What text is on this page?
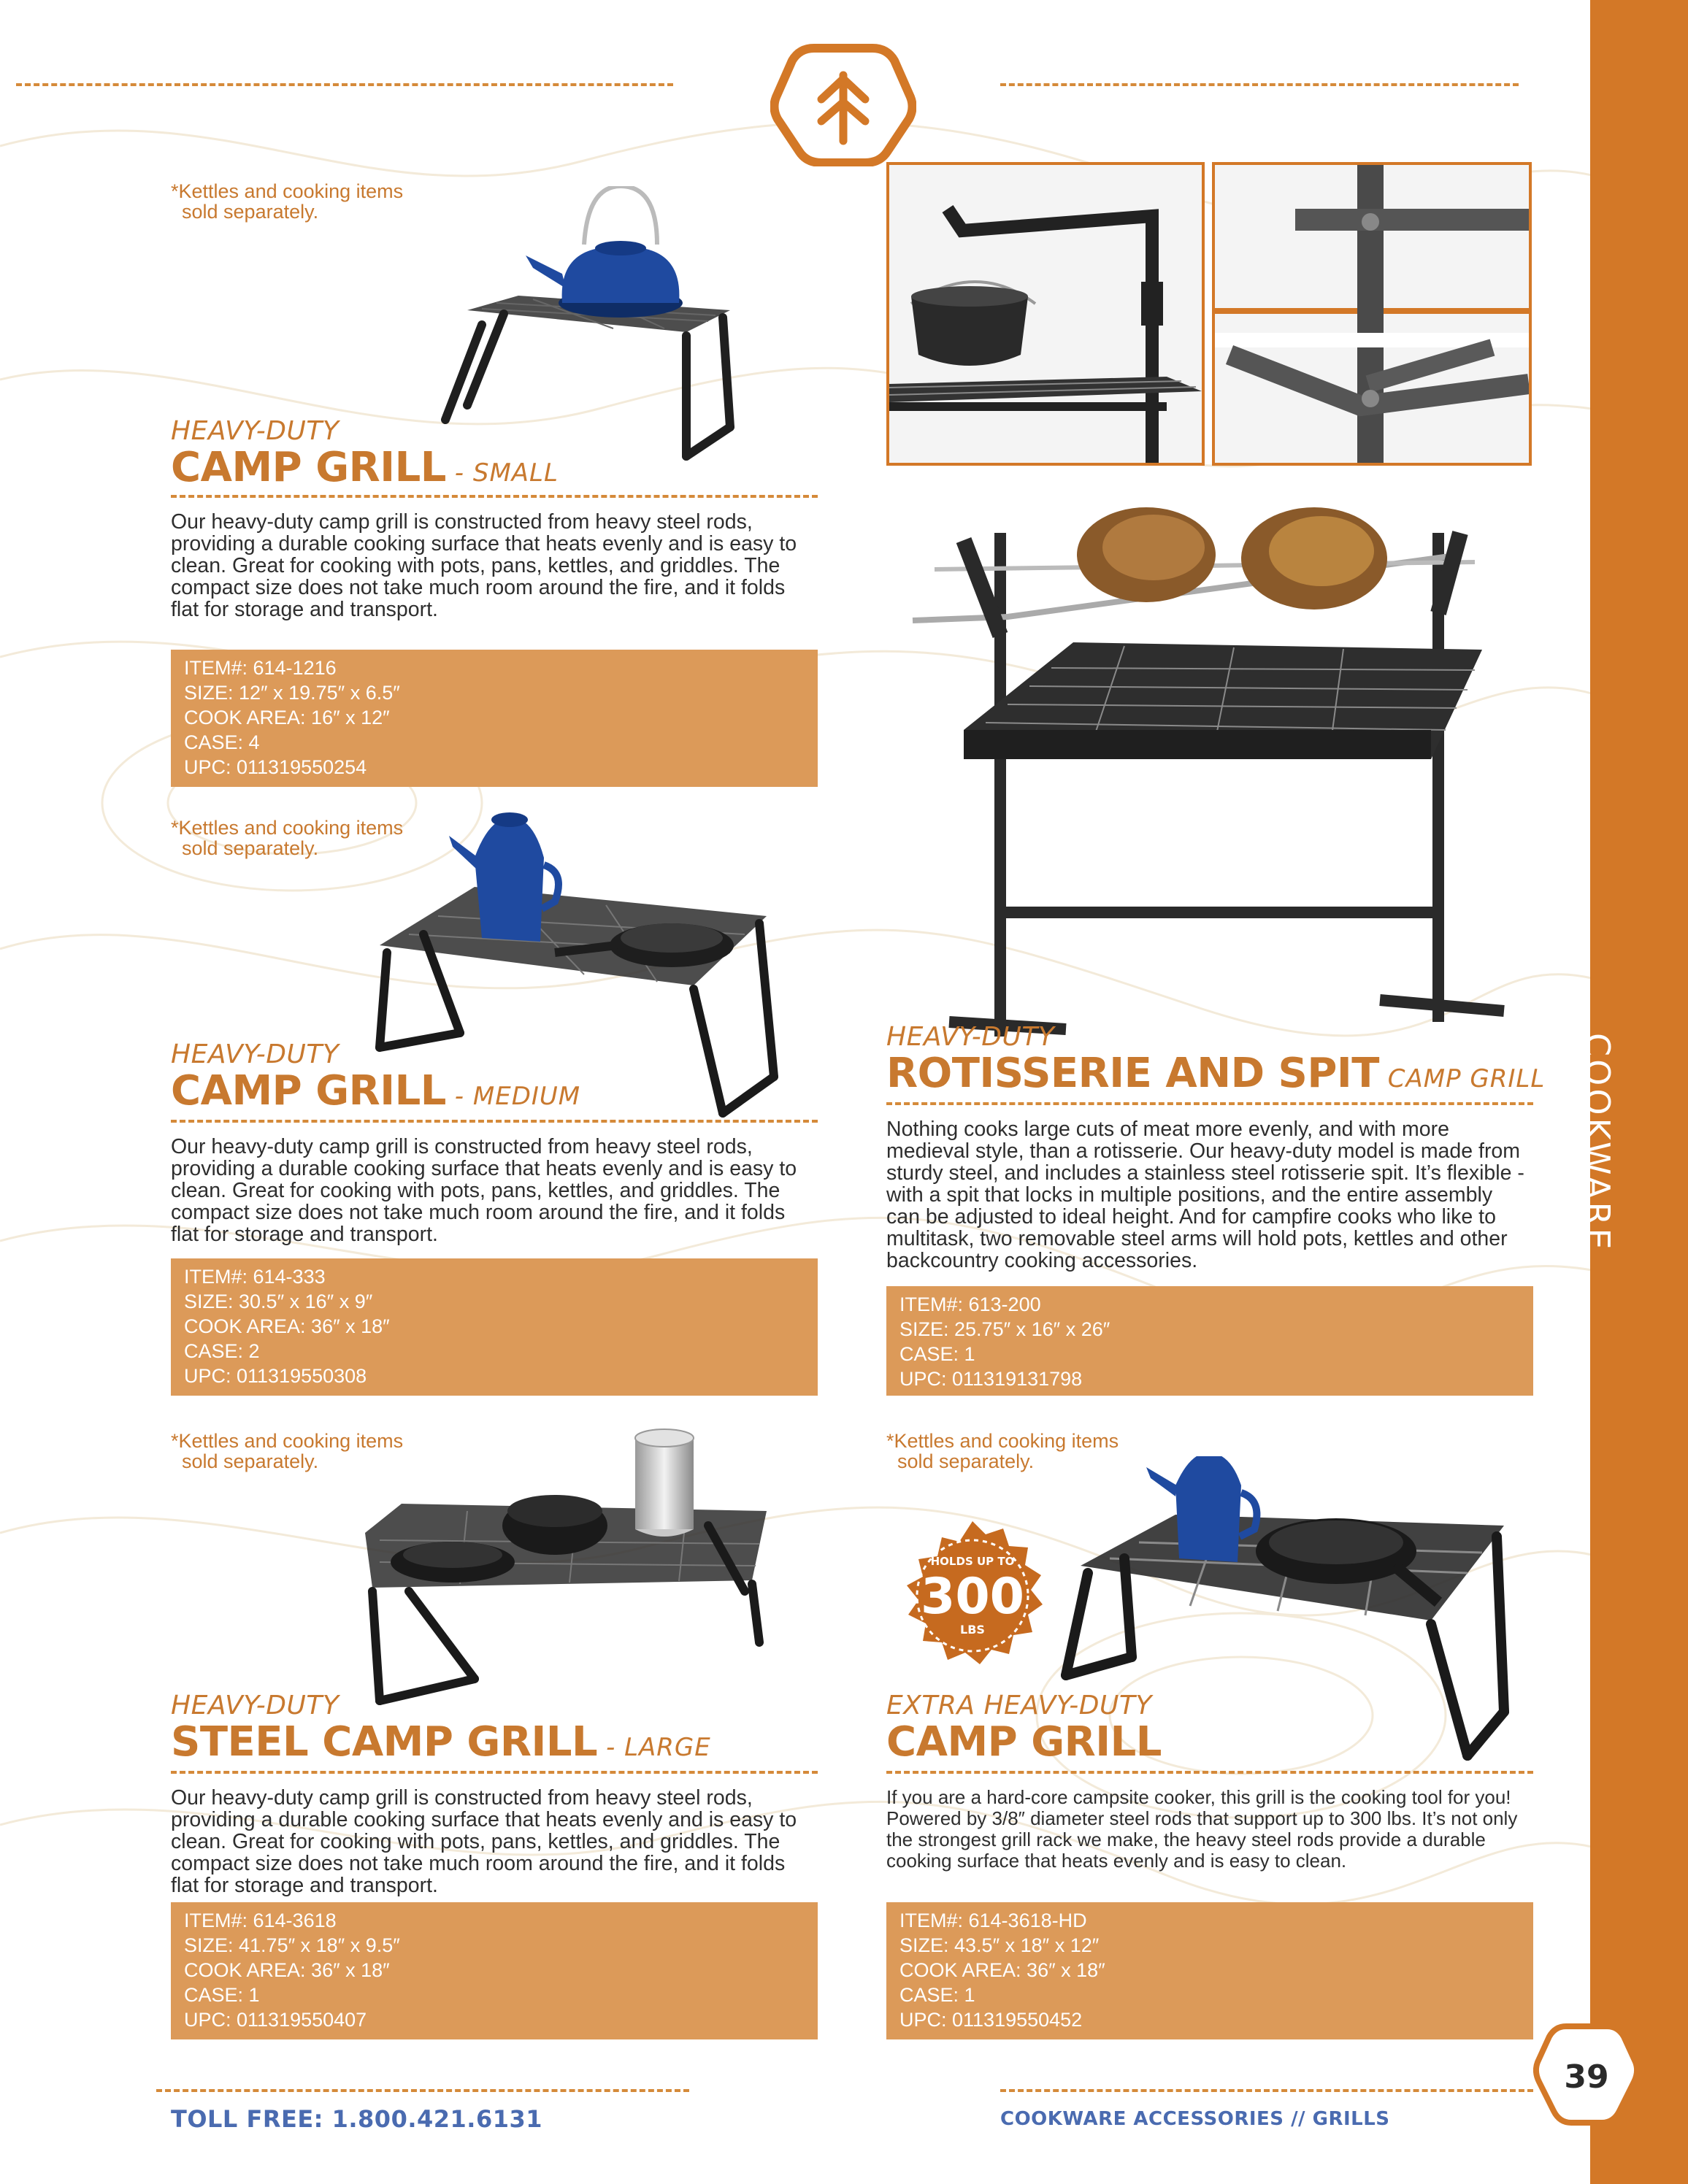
COOKWARE
*Kettles and cooking items
sold separately.
HEAVY-DUTY
CAMP GRILL - SMALL
Our heavy-duty camp grill is constructed from heavy steel rods, providing a durable cooking surface that heats evenly and is easy to clean. Great for cooking with pots, pans, kettles, and griddles. The compact size does not take much room around the fire, and it folds flat for storage and transport.
ITEM#: 614-1216
SIZE: 12″ x 19.75″ x 6.5″
COOK AREA: 16″ x 12″
CASE: 4
UPC: 011319550254
*Kettles and cooking items
sold separately.
HEAVY-DUTY
CAMP GRILL - MEDIUM
Our heavy-duty camp grill is constructed from heavy steel rods, providing a durable cooking surface that heats evenly and is easy to clean. Great for cooking with pots, pans, kettles, and griddles. The compact size does not take much room around the fire, and it folds flat for storage and transport.
ITEM#: 614-333
SIZE: 30.5″ x 16″ x 9″
COOK AREA: 36″ x 18″
CASE: 2
UPC: 011319550308
*Kettles and cooking items
sold separately.
HEAVY-DUTY
STEEL CAMP GRILL - LARGE
Our heavy-duty camp grill is constructed from heavy steel rods, providing a durable cooking surface that heats evenly and is easy to clean. Great for cooking with pots, pans, kettles, and griddles. The compact size does not take much room around the fire, and it folds flat for storage and transport.
ITEM#: 614-3618
SIZE: 41.75″ x 18″ x 9.5″
COOK AREA: 36″ x 18″
CASE: 1
UPC: 011319550407
HEAVY-DUTY
ROTISSERIE AND SPIT CAMP GRILL
Nothing cooks large cuts of meat more evenly, and with more medieval style, than a rotisserie. Our heavy-duty model is made from sturdy steel, and includes a stainless steel rotisserie spit. It’s flexible - with a spit that locks in multiple positions, and the entire assembly can be adjusted to ideal height. And for campfire cooks who like to multitask, two removable steel arms will hold pots, kettles and other backcountry cooking accessories.
ITEM#: 613-200
SIZE: 25.75″ x 16″ x 26″
CASE: 1
UPC: 011319131798
*Kettles and cooking items
sold separately.
HOLDS UP TO
300
LBS
EXTRA HEAVY-DUTY
CAMP GRILL
If you are a hard-core campsite cooker, this grill is the cooking tool for you! Powered by 3/8″ diameter steel rods that support up to 300 lbs. It’s not only the strongest grill rack we make, the heavy steel rods provide a durable cooking surface that heats evenly and is easy to clean.
ITEM#: 614-3618-HD
SIZE: 43.5″ x 18″ x 12″
COOK AREA: 36″ x 18″
CASE: 1
UPC: 011319550452
TOLL FREE: 1.800.421.6131	COOKWARE ACCESSORIES // GRILLS
39
